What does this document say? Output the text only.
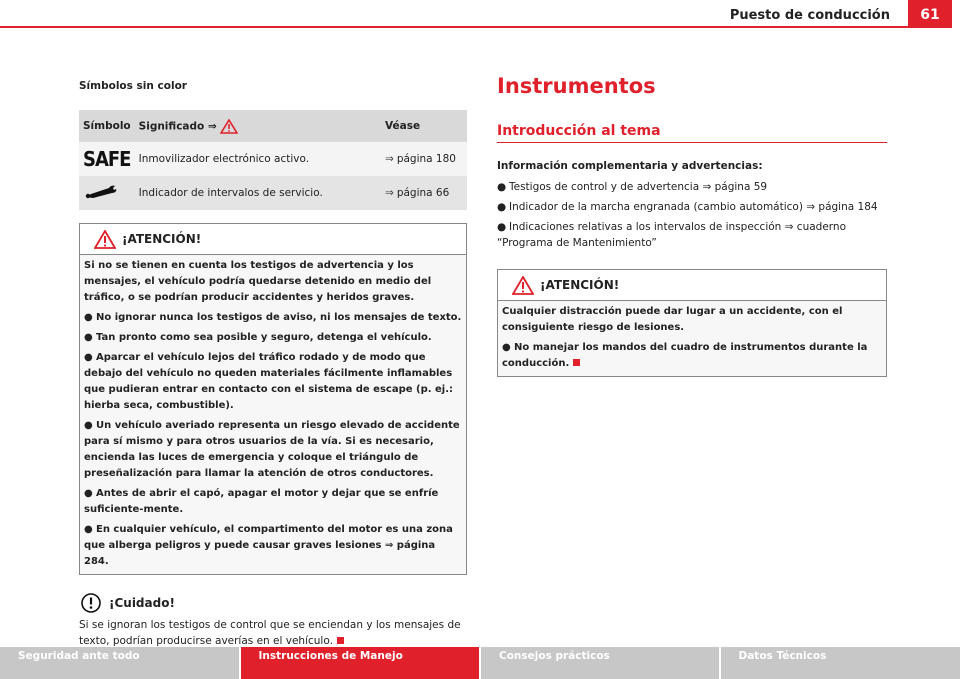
Puesto de conducción	61
Símbolos sin color
Símbolo	Significado ⇒	Véase
SAFE	Inmovilizador electrónico activo.	⇒ página 180
	Indicador de intervalos de servicio.	⇒ página 66
¡ATENCIÓN!

Si no se tienen en cuenta los testigos de advertencia y los mensajes, el vehículo podría quedarse detenido en medio del tráfico, o se podrían producir accidentes y heridos graves.

● No ignorar nunca los testigos de aviso, ni los mensajes de texto.

● Tan pronto como sea posible y seguro, detenga el vehículo.

● Aparcar el vehículo lejos del tráfico rodado y de modo que debajo del vehículo no queden materiales fácilmente inflamables que pudieran entrar en contacto con el sistema de escape (p. ej.: hierba seca, combustible).

● Un vehículo averiado representa un riesgo elevado de accidente para sí mismo y para otros usuarios de la vía. Si es necesario, encienda las luces de emergencia y coloque el triángulo de preseñalización para llamar la atención de otros conductores.

● Antes de abrir el capó, apagar el motor y dejar que se enfríe suficiente-mente.

● En cualquier vehículo, el compartimento del motor es una zona que alberga peligros y puede causar graves lesiones ⇒ página 284.

¡Cuidado!
Si se ignoran los testigos de control que se enciendan y los mensajes de texto, podrían producirse averías en el vehículo.
Instrumentos
Introducción al tema
Información complementaria y advertencias:

● Testigos de control y de advertencia ⇒ página 59

● Indicador de la marcha engranada (cambio automático) ⇒ página 184

● Indicaciones relativas a los intervalos de inspección ⇒ cuaderno “Programa de Mantenimiento”

¡ATENCIÓN!

Cualquier distracción puede dar lugar a un accidente, con el consiguiente riesgo de lesiones.

● No manejar los mandos del cuadro de instrumentos durante la conducción.

Seguridad ante todo	Instrucciones de Manejo	Consejos prácticos	Datos Técnicos
